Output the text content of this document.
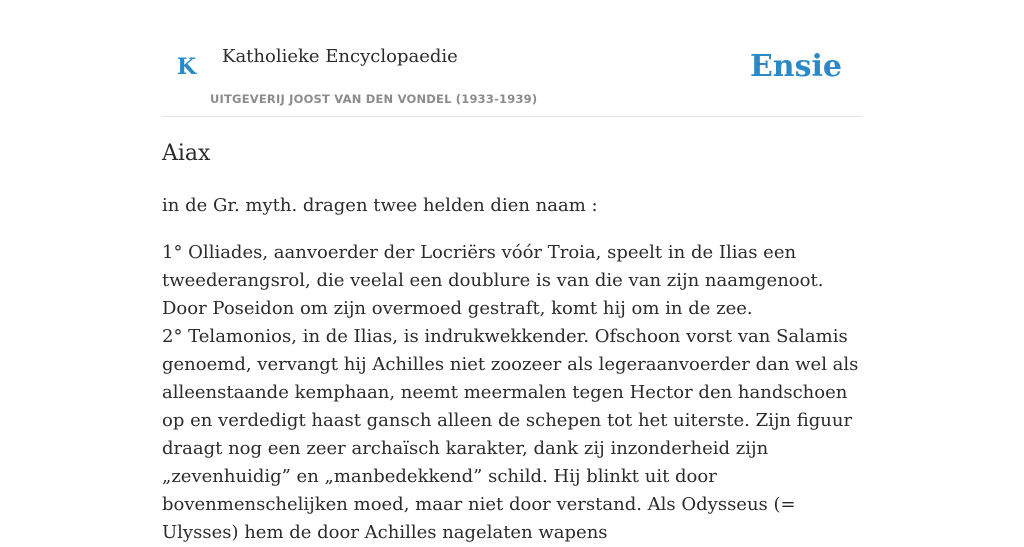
K Katholieke Encyclopaedie
UITGEVERIJ JOOST VAN DEN VONDEL (1933-1939)
Ensie
Aiax

in de Gr. myth. dragen twee helden dien naam :

1° Olliades, aanvoerder der Locriërs vóór Troia, speelt in de Ilias een tweederangsrol, die veelal een doublure is van die van zijn naamgenoot. Door Poseidon om zijn overmoed gestraft, komt hij om in de zee.

2° Telamonios, in de Ilias, is indrukwekkender. Ofschoon vorst van Salamis genoemd, vervangt hij Achilles niet zoozeer als legeraanvoerder dan wel als alleenstaande kemphaan, neemt meermalen tegen Hector den handschoen op en verdedigt haast gansch alleen de schepen tot het uiterste. Zijn figuur draagt nog een zeer archaïsch karakter, dank zij inzonderheid zijn „zevenhuidig” en „manbedekkend” schild. Hij blinkt uit door bovenmenschelijken moed, maar niet door verstand. Als Odysseus (= Ulysses) hem de door Achilles nagelaten wapens
